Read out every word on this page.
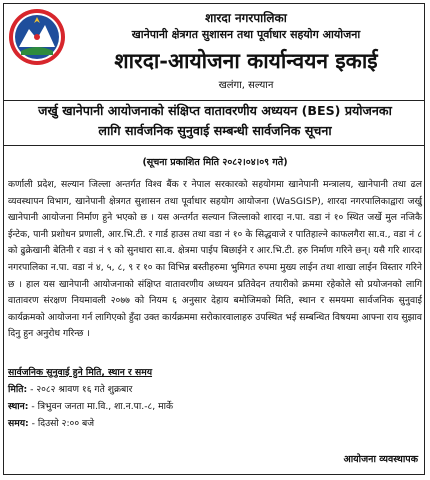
शारदा नगरपालिका
खानेपानी क्षेत्रगत सुशासन तथा पूर्वाधार सहयोग आयोजना
शारदा-आयोजना कार्यान्वयन इकाई
खलंगा, सल्यान
जर्खु खानेपानी आयोजनाको संक्षिप्त वातावरणीय अध्ययन (BES) प्रयोजनका
लागि सार्वजनिक सुनुवाई सम्बन्धी सार्वजनिक सूचना
(सूचना प्रकाशित मिति २०८२।०४।०९ गते)

कर्णाली प्रदेश, सल्यान जिल्ला अन्तर्गत विश्व बैंक र नेपाल सरकारको सहयोगमा खानेपानी मन्त्रालय, खानेपानी तथा ढल व्यवस्थापन विभाग, खानेपानी क्षेत्रगत सुशासन तथा पूर्वाधार सहयोग आयोजना (WaSGISP), शारदा नगरपालिकाद्वारा जर्खु खानेपानी आयोजना निर्माण हुने भएको छ । यस अन्तर्गत सल्यान जिल्लाको शारदा न.पा. वडा नं १० स्थित जर्खे मुल नजिकै ईन्टेक, पानी प्रशोधन प्रणाली, आर.भि.टी. र गार्ड हाउस तथा वडा नं १० के सिद्धवाजे र पातिहाल्ने काफलगैरा सा.व., वडा नं ८ को ढुक्रेखानी बेतिनी र वडा नं ९ को सुनधारा सा.व. क्षेत्रमा पाईप बिछाईने र आर.भि.टी. हरु निर्माण गरिने छन्। यसै गरि शारदा नगरपालिका न.पा. वडा नं ४, ५, ८, ९ र १० का विभिन्न बस्तीहरुमा भुमिगत रुपमा मुख्य लाईन तथा शाखा लाईन विस्तार गरिने छ । हाल यस खानेपानी आयोजनाको संक्षिप्त वातावरणीय अध्ययन प्रतिवेदन तयारीको क्रममा रहेकोले सो प्रयोजनको लागि वातावरण संरक्षण नियमावली २०७७ को नियम ६ अनुसार देहाय बमोजिमको मिति, स्थान र समयमा सार्वजनिक सुनुवाई कार्यक्रमको आयोजना गर्न लागिएको हुँदा उक्त कार्यक्रममा सरोकारवालाहरु उपस्थित भई सम्बन्धित विषयमा आफ्ना राय सुझाव दिनु हुन अनुरोध गरिन्छ ।

सार्वजनिक सुनुवाई हुने मिति, स्थान र समय
मिति: - २०८२ श्रावण १६ गते शुक्रबार
स्थान: - त्रिभुवन जनता मा.वि., शा.न.पा.-८, मार्के
समय: - दिउसो २:०० बजे
आयोजना व्यवस्थापक
